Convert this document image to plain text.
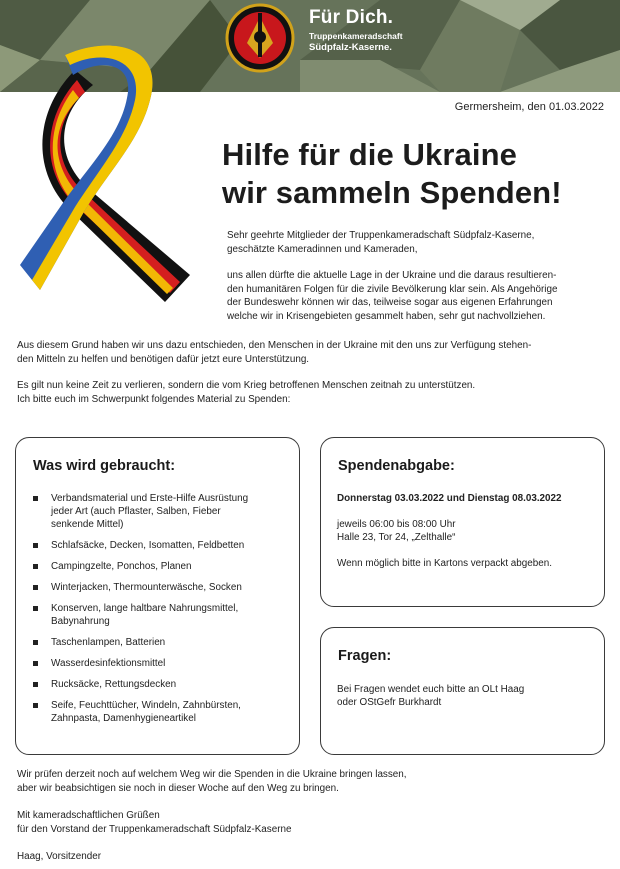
Für Dich.
Truppenkameradschaft
Südpfalz-Kaserne.
Germersheim, den 01.03.2022
Hilfe für die Ukraine
wir sammeln Spenden!

Sehr geehrte Mitglieder der Truppenkameradschaft Südpfalz-Kaserne,

geschätzte Kameradinnen und Kameraden,

uns allen dürfte die aktuelle Lage in der Ukraine und die daraus resultieren-

den humanitären Folgen für die zivile Bevölkerung klar sein. Als Angehörige

der Bundeswehr können wir das, teilweise sogar aus eigenen Erfahrungen

welche wir in Krisengebieten gesammelt haben, sehr gut nachvollziehen.

Aus diesem Grund haben wir uns dazu entschieden, den Menschen in der Ukraine mit den uns zur Verfügung stehen-
den Mitteln zu helfen und benötigen dafür jetzt eure Unterstützung.
Es gilt nun keine Zeit zu verlieren, sondern die vom Krieg betroffenen Menschen zeitnah zu unterstützen.
Ich bitte euch im Schwerpunkt folgendes Material zu Spenden:
Was wird gebraucht:
Verbandsmaterial und Erste-Hilfe Ausrüstung
jeder Art (auch Pflaster, Salben, Fieber
senkende Mittel)
Schlafsäcke, Decken, Isomatten, Feldbetten
Campingzelte, Ponchos, Planen
Winterjacken, Thermounterwäsche, Socken
Konserven, lange haltbare Nahrungsmittel,
Babynahrung
Taschenlampen, Batterien
Wasserdesinfektionsmittel
Rucksäcke, Rettungsdecken
Seife, Feuchttücher, Windeln, Zahnbürsten,
Zahnpasta, Damenhygieneartikel
Spendenabgabe:
Donnerstag 03.03.2022 und Dienstag 08.03.2022
jeweils 06:00 bis 08:00 Uhr
Halle 23, Tor 24, „Zelthalle“
Wenn möglich bitte in Kartons verpackt abgeben.
Fragen:
Bei Fragen wendet euch bitte an OLt Haag
oder OStGefr Burkhardt
Wir prüfen derzeit noch auf welchem Weg wir die Spenden in die Ukraine bringen lassen,
aber wir beabsichtigen sie noch in dieser Woche auf den Weg zu bringen.
Mit kameradschaftlichen Grüßen
für den Vorstand der Truppenkameradschaft Südpfalz-Kaserne
Haag, Vorsitzender
